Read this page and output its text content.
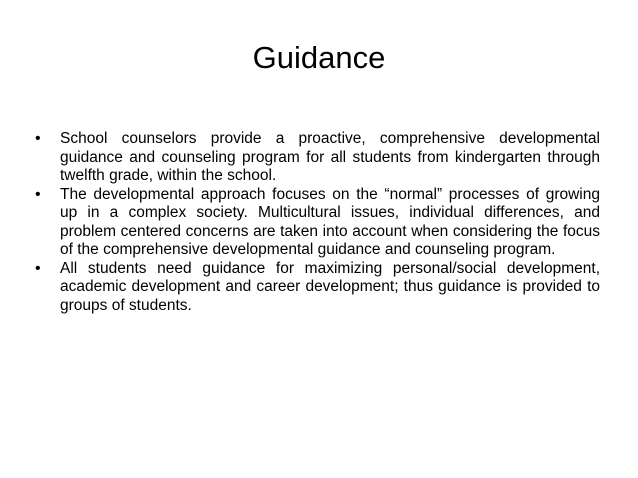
Guidance
• School counselors provide a proactive, comprehensive developmental guidance and counseling program for all students from kindergarten through twelfth grade, within the school.
• The developmental approach focuses on the “normal” processes of growing up in a complex society. Multicultural issues, individual differences, and problem centered concerns are taken into account when considering the focus of the comprehensive developmental guidance and counseling program.
• All students need guidance for maximizing personal/social development, academic development and career development; thus guidance is provided to groups of students.
